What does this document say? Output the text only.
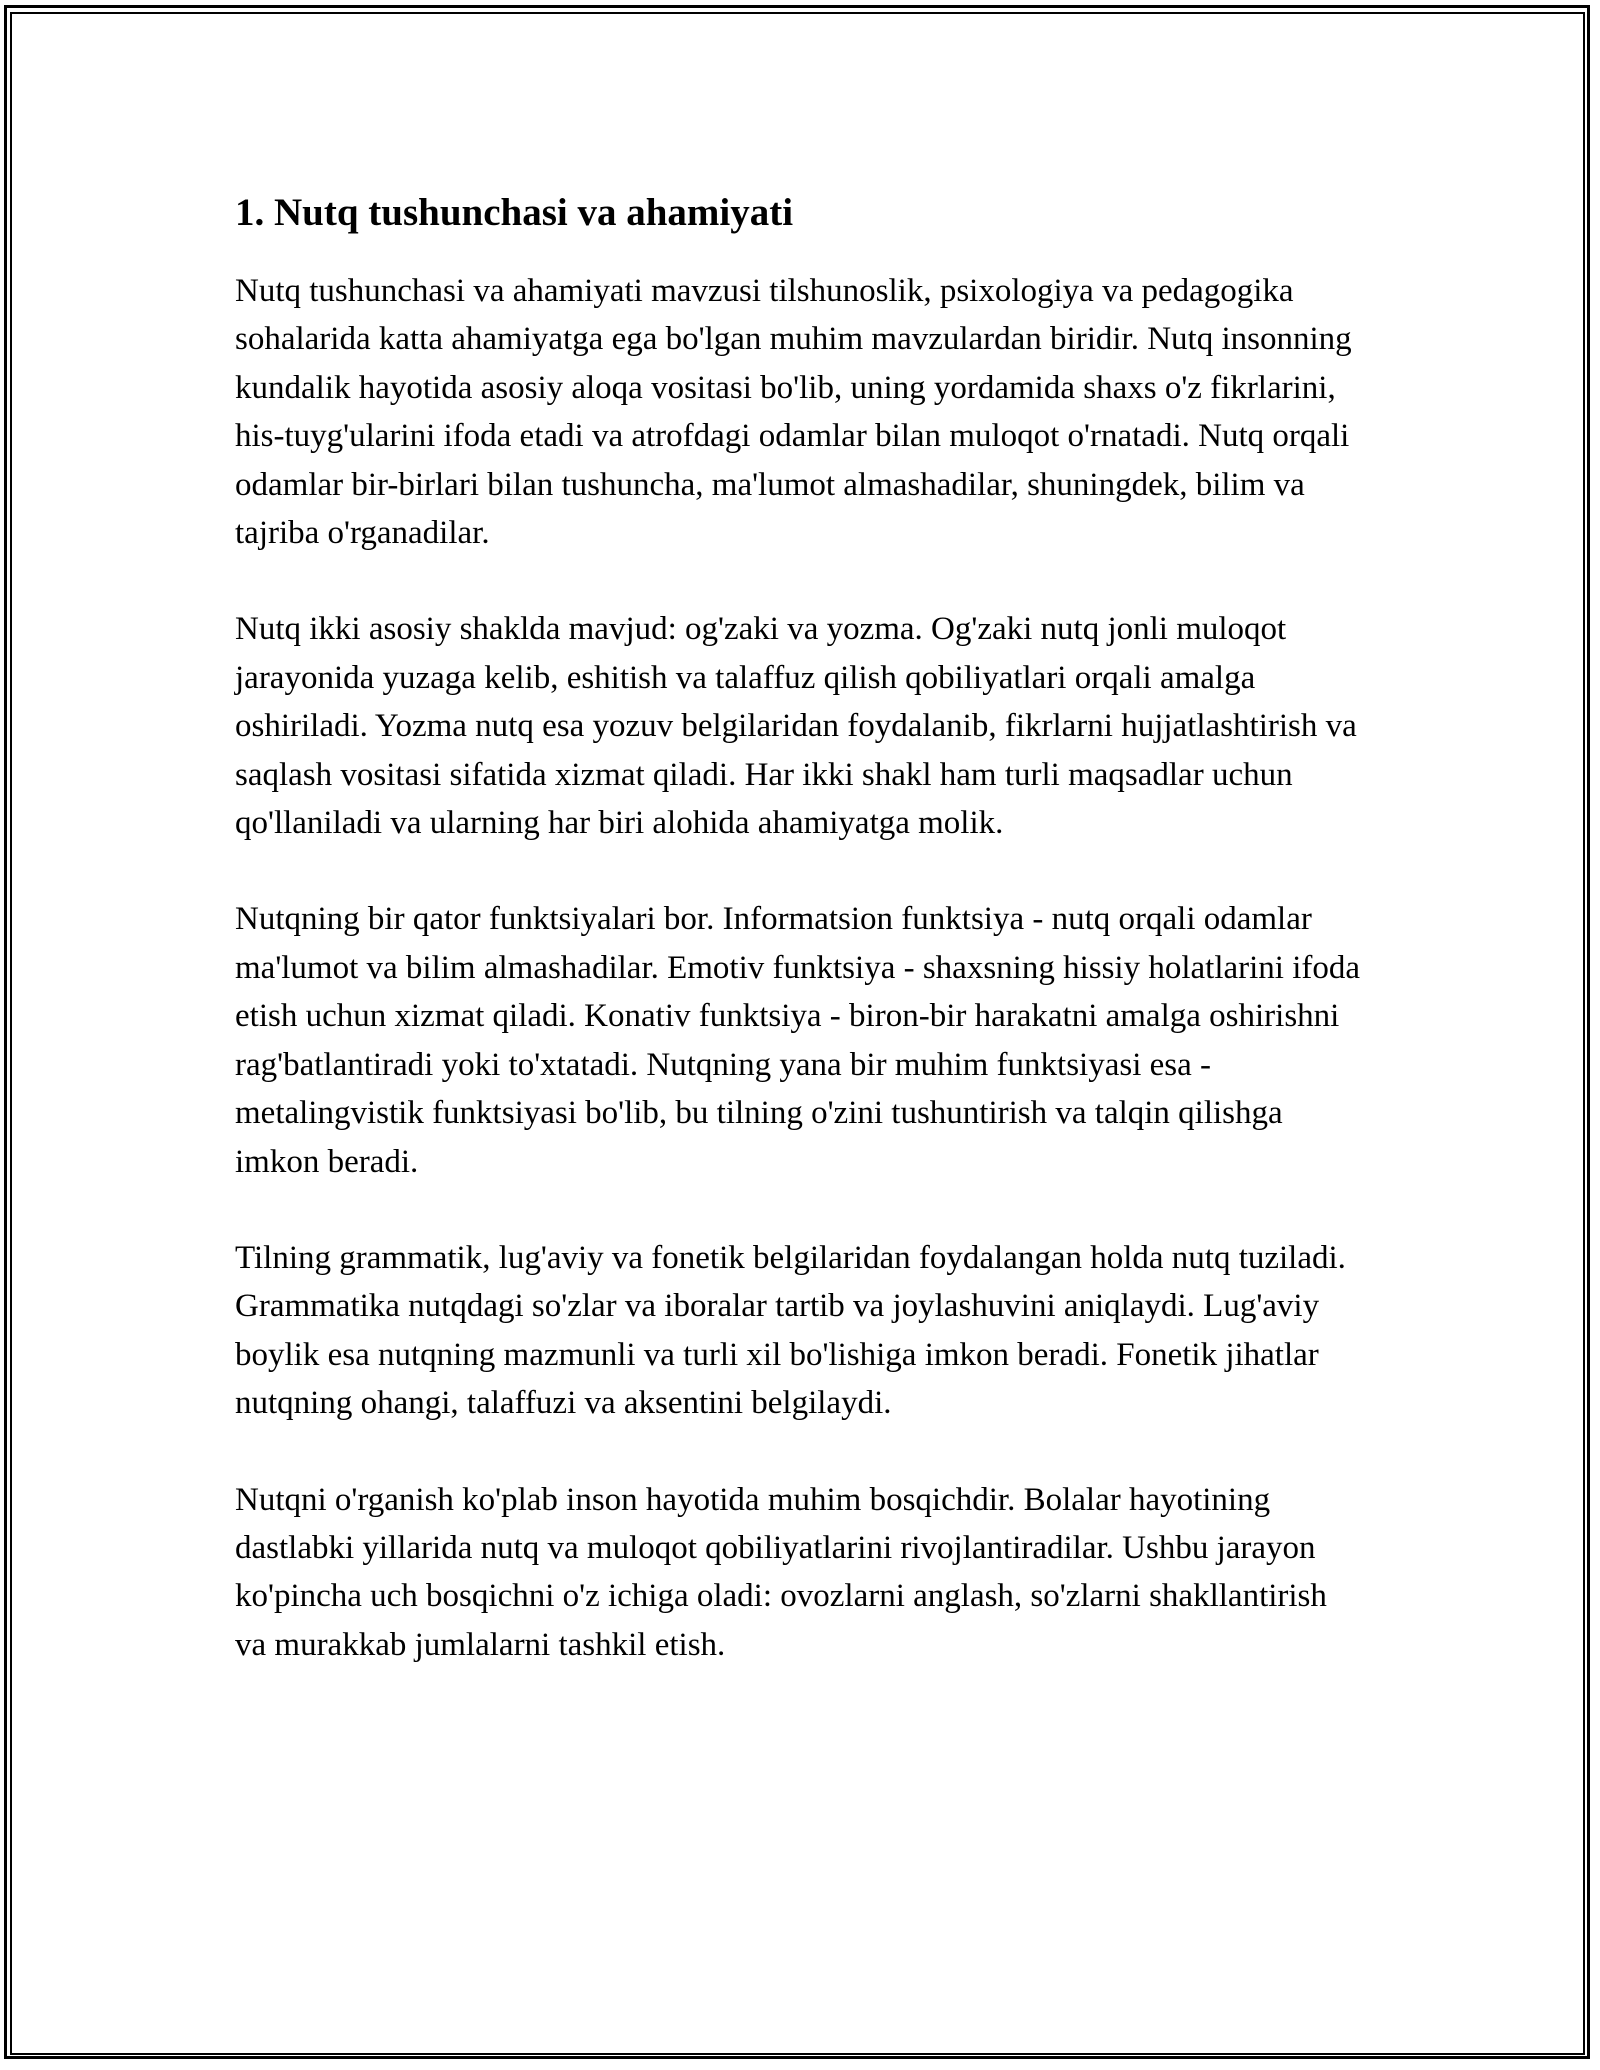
1. Nutq tushunchasi va ahamiyati

Nutq tushunchasi va ahamiyati mavzusi tilshunoslik, psixologiya va pedagogika sohalarida katta ahamiyatga ega bo'lgan muhim mavzulardan biridir. Nutq insonning kundalik hayotida asosiy aloqa vositasi bo'lib, uning yordamida shaxs o'z fikrlarini, his-tuyg'ularini ifoda etadi va atrofdagi odamlar bilan muloqot o'rnatadi. Nutq orqali odamlar bir-birlari bilan tushuncha, ma'lumot almashadilar, shuningdek, bilim va tajriba o'rganadilar.

Nutq ikki asosiy shaklda mavjud: og'zaki va yozma. Og'zaki nutq jonli muloqot jarayonida yuzaga kelib, eshitish va talaffuz qilish qobiliyatlari orqali amalga oshiriladi. Yozma nutq esa yozuv belgilaridan foydalanib, fikrlarni hujjatlashtirish va saqlash vositasi sifatida xizmat qiladi. Har ikki shakl ham turli maqsadlar uchun qo'llaniladi va ularning har biri alohida ahamiyatga molik.

Nutqning bir qator funktsiyalari bor. Informatsion funktsiya - nutq orqali odamlar ma'lumot va bilim almashadilar. Emotiv funktsiya - shaxsning hissiy holatlarini ifoda etish uchun xizmat qiladi. Konativ funktsiya - biron-bir harakatni amalga oshirishni rag'batlantiradi yoki to'xtatadi. Nutqning yana bir muhim funktsiyasi esa - metalingvistik funktsiyasi bo'lib, bu tilning o'zini tushuntirish va talqin qilishga imkon beradi.

Tilning grammatik, lug'aviy va fonetik belgilaridan foydalangan holda nutq tuziladi. Grammatika nutqdagi so'zlar va iboralar tartib va joylashuvini aniqlaydi. Lug'aviy boylik esa nutqning mazmunli va turli xil bo'lishiga imkon beradi. Fonetik jihatlar nutqning ohangi, talaffuzi va aksentini belgilaydi.

Nutqni o'rganish ko'plab inson hayotida muhim bosqichdir. Bolalar hayotining dastlabki yillarida nutq va muloqot qobiliyatlarini rivojlantiradilar. Ushbu jarayon ko'pincha uch bosqichni o'z ichiga oladi: ovozlarni anglash, so'zlarni shakllantirish va murakkab jumlalarni tashkil etish.
